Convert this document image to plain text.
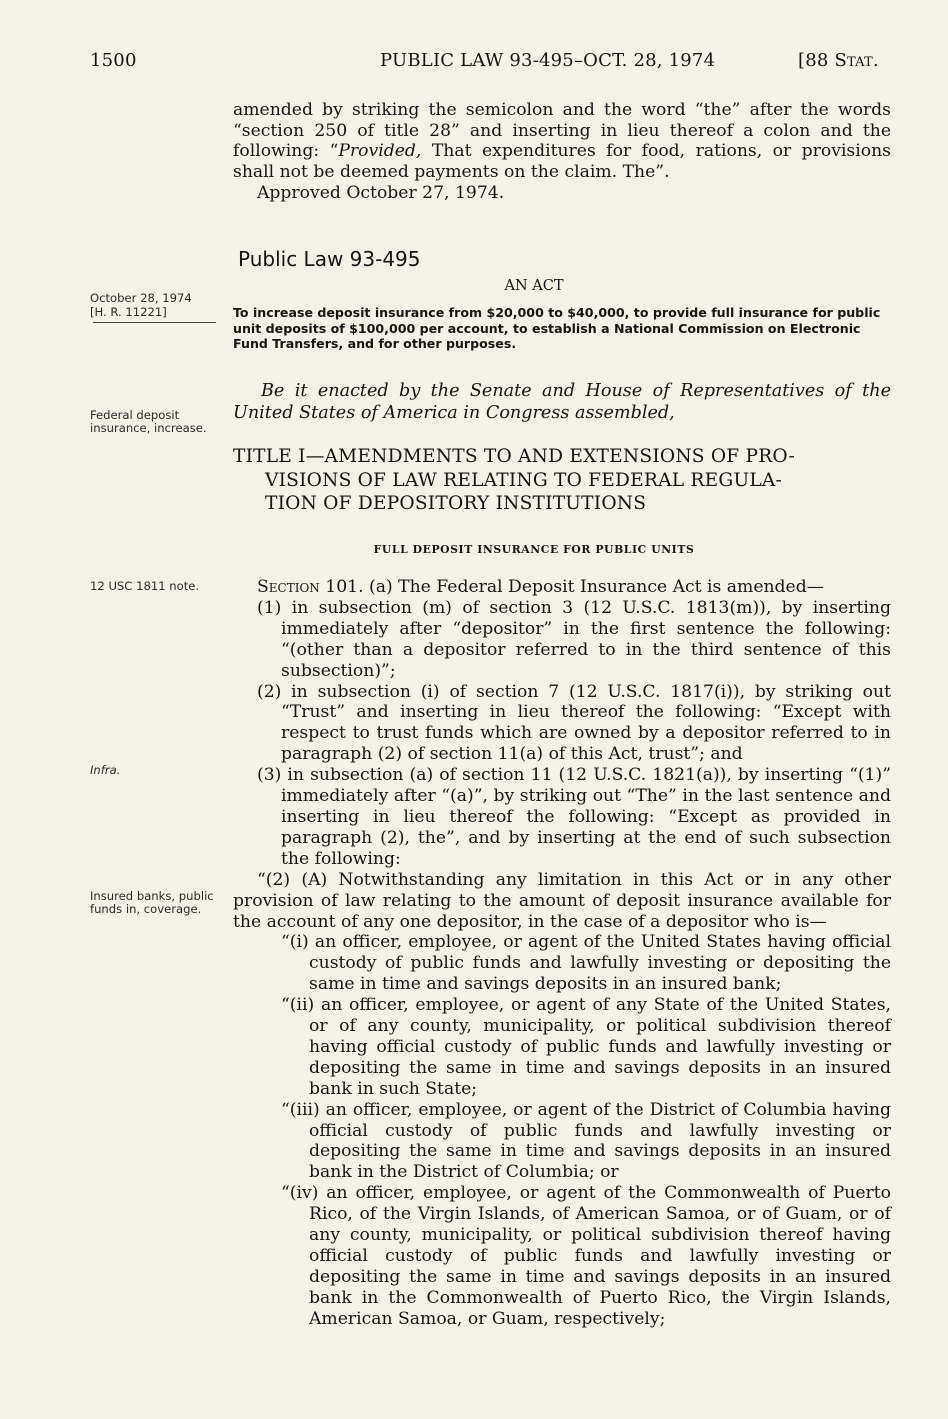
1500	PUBLIC LAW 93-495–OCT. 28, 1974	[88 Stat.

amended by striking the semicolon and the word “the” after the words “section 250 of title 28” and inserting in lieu thereof a colon and the following: “Provided, That expenditures for food, rations, or provisions shall not be deemed payments on the claim. The”.

Approved October 27, 1974.

Public Law 93-495
AN ACT
October 28, 1974
[H. R. 11221]	To increase deposit insurance from $20,000 to $40,000, to provide full insurance for public unit deposits of $100,000 per account, to establish a National Commission on Electronic Fund Transfers, and for other purposes.
Federal deposit insurance, increase.
Be it enacted by the Senate and House of Representatives of the United States of America in Congress assembled,
TITLE I—AMENDMENTS TO AND EXTENSIONS OF PRO-
VISIONS OF LAW RELATING TO FEDERAL REGULA-
TION OF DEPOSITORY INSTITUTIONS
FULL DEPOSIT INSURANCE FOR PUBLIC UNITS
12 USC 1811 note.
Infra.
Insured banks, public funds in, coverage.

Section 101. (a) The Federal Deposit Insurance Act is amended—

(1) in subsection (m) of section 3 (12 U.S.C. 1813(m)), by inserting immediately after “depositor” in the first sentence the following: “(other than a depositor referred to in the third sentence of this subsection)”;

(2) in subsection (i) of section 7 (12 U.S.C. 1817(i)), by striking out “Trust” and inserting in lieu thereof the following: “Except with respect to trust funds which are owned by a depositor referred to in paragraph (2) of section 11(a) of this Act, trust”; and

(3) in subsection (a) of section 11 (12 U.S.C. 1821(a)), by inserting “(1)” immediately after “(a)”, by striking out “The” in the last sentence and inserting in lieu thereof the following: “Except as provided in paragraph (2), the”, and by inserting at the end of such subsection the following:

“(2) (A) Notwithstanding any limitation in this Act or in any other provision of law relating to the amount of deposit insurance available for the account of any one depositor, in the case of a depositor who is—

“(i) an officer, employee, or agent of the United States having official custody of public funds and lawfully investing or depositing the same in time and savings deposits in an insured bank;

“(ii) an officer, employee, or agent of any State of the United States, or of any county, municipality, or political subdivision thereof having official custody of public funds and lawfully investing or depositing the same in time and savings deposits in an insured bank in such State;

“(iii) an officer, employee, or agent of the District of Columbia having official custody of public funds and lawfully investing or depositing the same in time and savings deposits in an insured bank in the District of Columbia; or

“(iv) an officer, employee, or agent of the Commonwealth of Puerto Rico, of the Virgin Islands, of American Samoa, or of Guam, or of any county, municipality, or political subdivision thereof having official custody of public funds and lawfully investing or depositing the same in time and savings deposits in an insured bank in the Commonwealth of Puerto Rico, the Virgin Islands, American Samoa, or Guam, respectively;
